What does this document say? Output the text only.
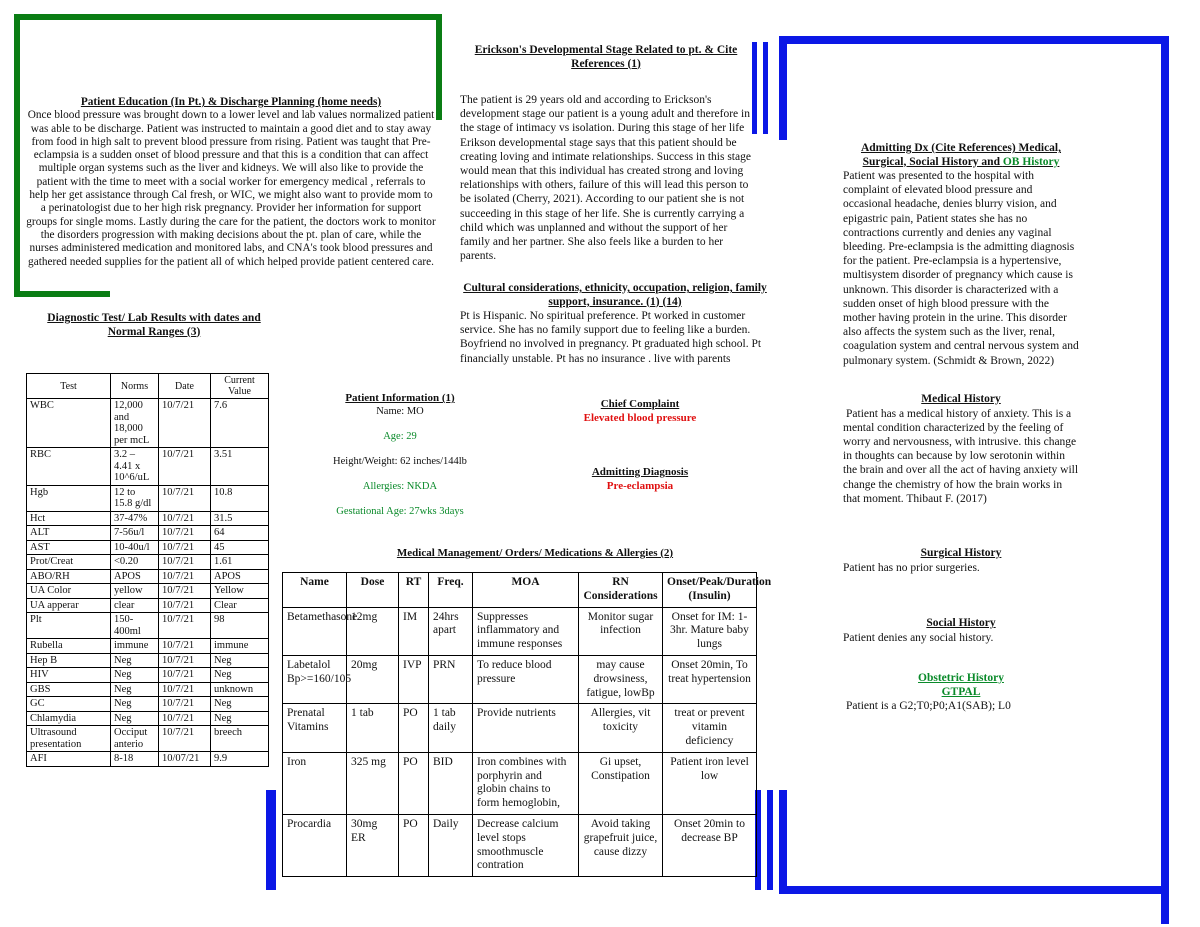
Patient Education (In Pt.) & Discharge Planning (home needs)
Once blood pressure was brought down to a lower level and lab values normalized patient was able to be discharge. Patient was instructed to maintain a good diet and to stay away from food in high salt to prevent blood pressure from rising. Patient was taught that Pre-eclampsia is a sudden onset of blood pressure and that this is a condition that can affect multiple organ systems such as the liver and kidneys. We will also like to provide the patient with the time to meet with a social worker for emergency medical , referrals to help her get assistance through Cal fresh, or WIC, we might also want to provide mom to a perinatologist due to her high risk pregnancy. Provider her information for support groups for single moms. Lastly during the care for the patient, the doctors work to monitor the disorders progression with making decisions about the pt. plan of care, while the nurses administered medication and monitored labs, and CNA's took blood pressures and gathered needed supplies for the patient all of which helped provide patient centered care.
Erickson's Developmental Stage Related to pt. & Cite References (1)
The patient is 29 years old and according to Erickson's development stage our patient is a young adult and therefore in the stage of intimacy vs isolation. During this stage of her life Erikson developmental stage says that this patient should be creating loving and intimate relationships. Success in this stage would mean that this individual has created strong and loving relationships with others, failure of this will lead this person to be isolated (Cherry, 2021). According to our patient she is not succeeding in this stage of her life. She is currently carrying a child which was unplanned and without the support of her family and her partner. She also feels like a burden to her parents.
Cultural considerations, ethnicity, occupation, religion, family support, insurance. (1) (14)
Pt is Hispanic. No spiritual preference. Pt worked in customer service. She has no family support due to feeling like a burden. Boyfriend no involved in pregnancy. Pt graduated high school. Pt financially unstable. Pt has no insurance . live with parents
Diagnostic Test/ Lab Results with dates and Normal Ranges (3)
Test	Norms	Date	Current Value
WBC	12,000 and 18,000 per mcL	10/7/21	7.6
RBC	3.2 – 4.41 x 10^6/uL	10/7/21	3.51
Hgb	12 to 15.8 g/dl	10/7/21	10.8
Hct	37-47%	10/7/21	31.5
ALT	7-56u/l	10/7/21	64
AST	10-40u/l	10/7/21	45
Prot/Creat	<0.20	10/7/21	1.61
ABO/RH	APOS	10/7/21	APOS
UA Color	yellow	10/7/21	Yellow
UA apperar	clear	10/7/21	Clear
Plt	150-400ml	10/7/21	98
Rubella	immune	10/7/21	immune
Hep B	Neg	10/7/21	Neg
HIV	Neg	10/7/21	Neg
GBS	Neg	10/7/21	unknown
GC	Neg	10/7/21	Neg
Chlamydia	Neg	10/7/21	Neg
Ultrasound presentation	Occiput anterio	10/7/21	breech
AFI	8-18	10/07/21	9.9
Patient Information (1)
Name: MO
Age: 29
Height/Weight: 62 inches/144lb
Allergies: NKDA
Gestational Age: 27wks 3days
Chief Complaint
Elevated blood pressure
Admitting Diagnosis
Pre-eclampsia
Medical Management/ Orders/ Medications & Allergies (2)
Name	Dose	RT	Freq.	MOA	RN Considerations	Onset/Peak/Duration (Insulin)
Betamethasone	12mg	IM	24hrs apart	Suppresses inflammatory and immune responses	Monitor sugar infection	Onset for IM: 1-3hr. Mature baby lungs
Labetalol Bp>=160/105	20mg	IVP	PRN	To reduce blood pressure	may cause drowsiness, fatigue, lowBp	Onset 20min, To treat hypertension
Prenatal Vitamins	1 tab	PO	1 tab daily	Provide nutrients	Allergies, vit toxicity	treat or prevent vitamin deficiency
Iron	325 mg	PO	BID	Iron combines with porphyrin and globin chains to form hemoglobin,	Gi upset, Constipation	Patient iron level low
Procardia	30mg ER	PO	Daily	Decrease calcium level stops smoothmuscle contration	Avoid taking grapefruit juice, cause dizzy	Onset 20min to decrease BP
Admitting Dx (Cite References) Medical, Surgical, Social History and OB History
Patient was presented to the hospital with complaint of elevated blood pressure and occasional headache, denies blurry vision, and epigastric pain, Patient states she has no contractions currently and denies any vaginal bleeding. Pre-eclampsia is the admitting diagnosis for the patient. Pre-eclampsia is a hypertensive, multisystem disorder of pregnancy which cause is unknown. This disorder is characterized with a sudden onset of high blood pressure with the mother having protein in the urine. This disorder also affects the system such as the liver, renal, coagulation system and central nervous system and pulmonary system. (Schmidt & Brown, 2022)
Medical History
Patient has a medical history of anxiety. This is a mental condition characterized by the feeling of worry and nervousness, with intrusive. this change in thoughts can because by low serotonin within the brain and over all the act of having anxiety will change the chemistry of how the brain works in that moment. Thibaut F. (2017)
Surgical History
Patient has no prior surgeries.
Social History
Patient denies any social history.
Obstetric History
GTPAL
Patient is a G2;T0;P0;A1(SAB); L0
